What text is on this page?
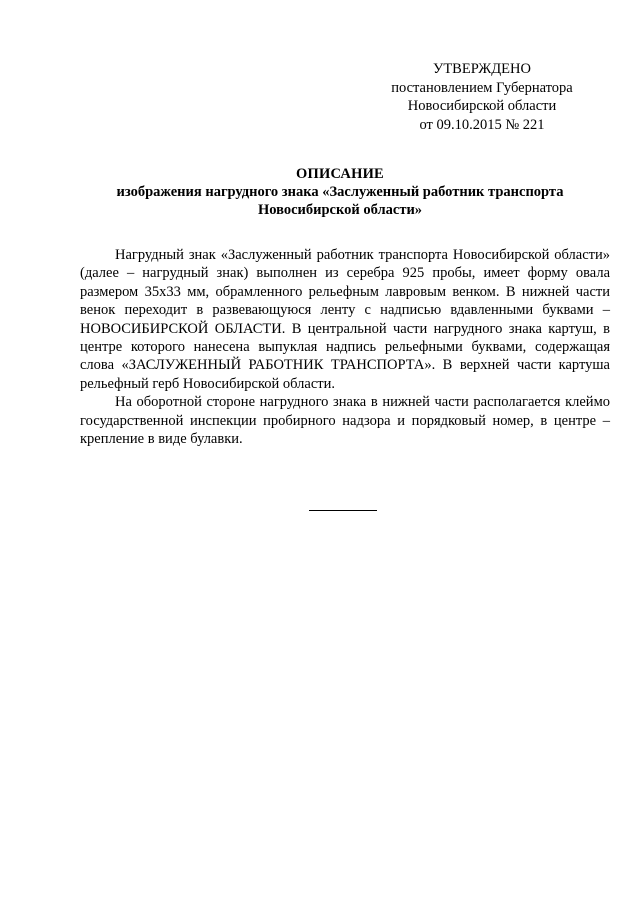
УТВЕРЖДЕНО
постановлением Губернатора
Новосибирской области
от 09.10.2015 № 221
ОПИСАНИЕ
изображения нагрудного знака «Заслуженный работник транспорта
Новосибирской области»

Нагрудный знак «Заслуженный работник транспорта Новосибирской области» (далее – нагрудный знак) выполнен из серебра 925 пробы, имеет форму овала размером 35х33 мм, обрамленного рельефным лавровым венком. В нижней части венок переходит в развевающуюся ленту с надписью вдавленными буквами – НОВОСИБИРСКОЙ ОБЛАСТИ. В центральной части нагрудного знака картуш, в центре которого нанесена выпуклая надпись рельефными буквами, содержащая слова «ЗАСЛУЖЕННЫЙ РАБОТНИК ТРАНСПОРТА». В верхней части картуша рельефный герб Новосибирской области.

На оборотной стороне нагрудного знака в нижней части располагается клеймо государственной инспекции пробирного надзора и порядковый номер, в центре – крепление в виде булавки.
